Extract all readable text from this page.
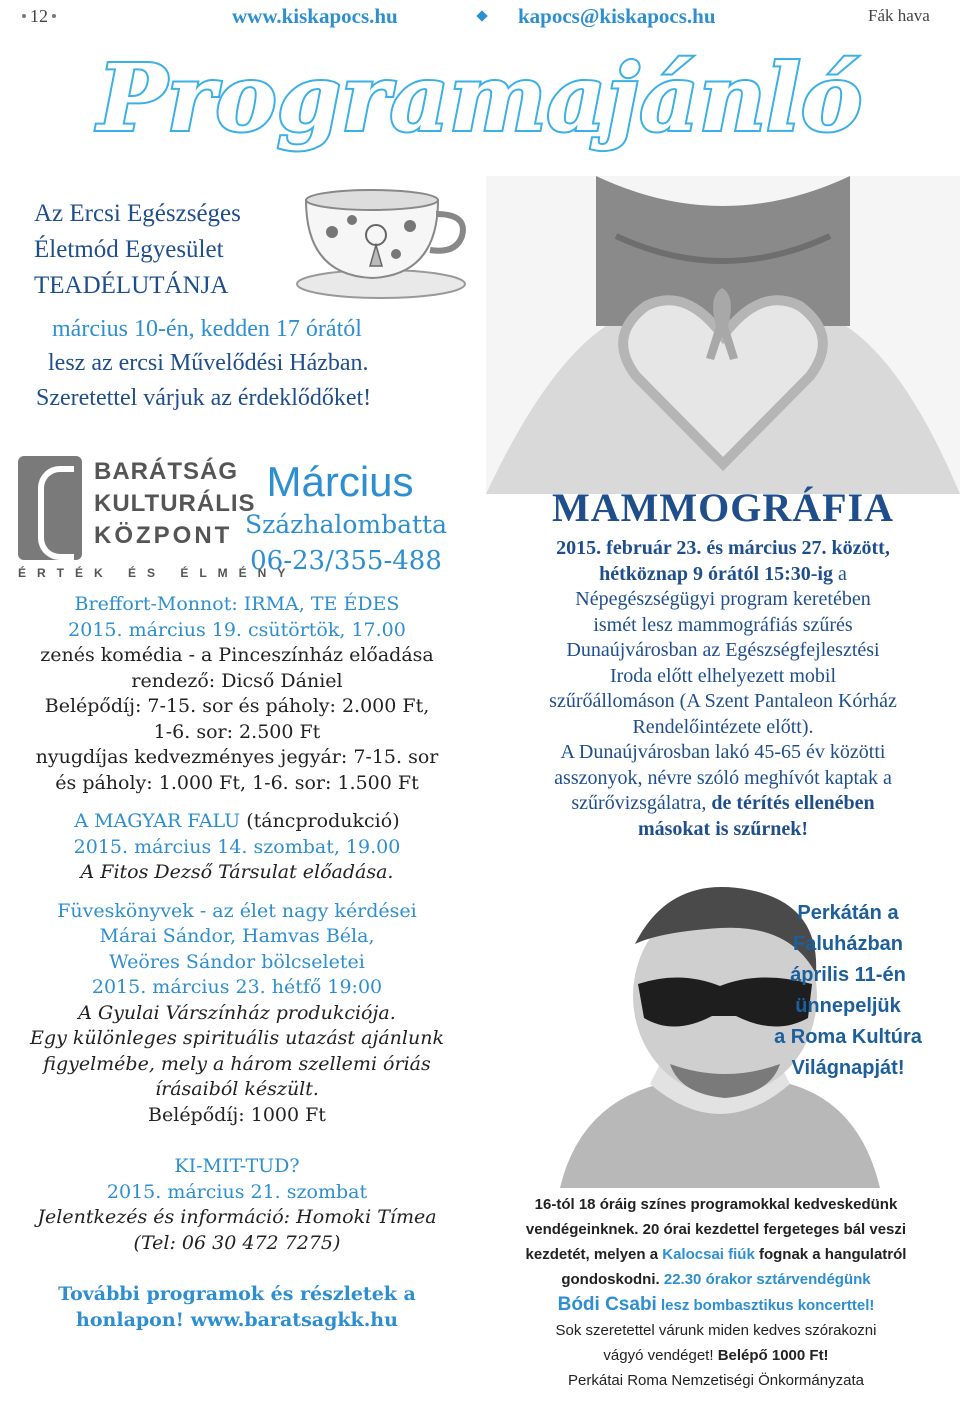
12	www.kiskapocs.hu	kapocs@kiskapocs.hu	Fák hava
Programajánló
Az Ercsi Egészséges
Életmód Egyesület
TEADÉLUTÁNJA
március 10-én, kedden 17 órától
lesz az ercsi Művelődési Házban.
Szeretettel várjuk az érdeklődőket!
BARÁTSÁG
KULTURÁLIS
KÖZPONT
ÉRTÉK ÉS ÉLMÉNY
Március
Százhalombatta
06-23/355-488
Breffort-Monnot: IRMA, TE ÉDES
2015. március 19. csütörtök, 17.00
zenés komédia - a Pinceszínház előadása
rendező: Dicső Dániel
Belépődíj: 7-15. sor és páholy: 2.000 Ft,
1-6. sor: 2.500 Ft
nyugdíjas kedvezményes jegyár: 7-15. sor
és páholy: 1.000 Ft, 1-6. sor: 1.500 Ft
A MAGYAR FALU (táncprodukció)
2015. március 14. szombat, 19.00
A Fitos Dezső Társulat előadása.
Füveskönyvek - az élet nagy kérdései
Márai Sándor, Hamvas Béla,
Weöres Sándor bölcseletei
2015. március 23. hétfő 19:00
A Gyulai Várszínház produkciója.
Egy különleges spirituális utazást ajánlunk
figyelmébe, mely a három szellemi óriás
írásaiból készült.
Belépődíj: 1000 Ft
KI-MIT-TUD?
2015. március 21. szombat
Jelentkezés és információ: Homoki Tímea
(Tel: 06 30 472 7275)
További programok és részletek a
honlapon! www.baratsagkk.hu
MAMMOGRÁFIA
2015. február 23. és március 27. között,
hétköznap 9 órától 15:30-ig a
Népegészségügyi program keretében
ismét lesz mammográfiás szűrés
Dunaújvárosban az Egészségfejlesztési
Iroda előtt elhelyezett mobil
szűrőállomáson (A Szent Pantaleon Kórház
Rendelőintézete előtt).
A Dunaújvárosban lakó 45-65 év közötti
asszonyok, névre szóló meghívót kaptak a
szűrővizsgálatra, de térítés ellenében
másokat is szűrnek!
Perkátán a
Faluházban
április 11-én
ünnepeljük
a Roma Kultúra
Világnapját!
16-tól 18 óráig színes programokkal kedveskedünk
vendégeinknek. 20 órai kezdettel fergeteges bál veszi
kezdetét, melyen a Kalocsai fiúk fognak a hangulatról
gondoskodni. 22.30 órakor sztárvendégünk
Bódi Csabi lesz bombasztikus koncerttel!
Sok szeretettel várunk miden kedves szórakozni
vágyó vendéget! Belépő 1000 Ft!
Perkátai Roma Nemzetiségi Önkormányzata
